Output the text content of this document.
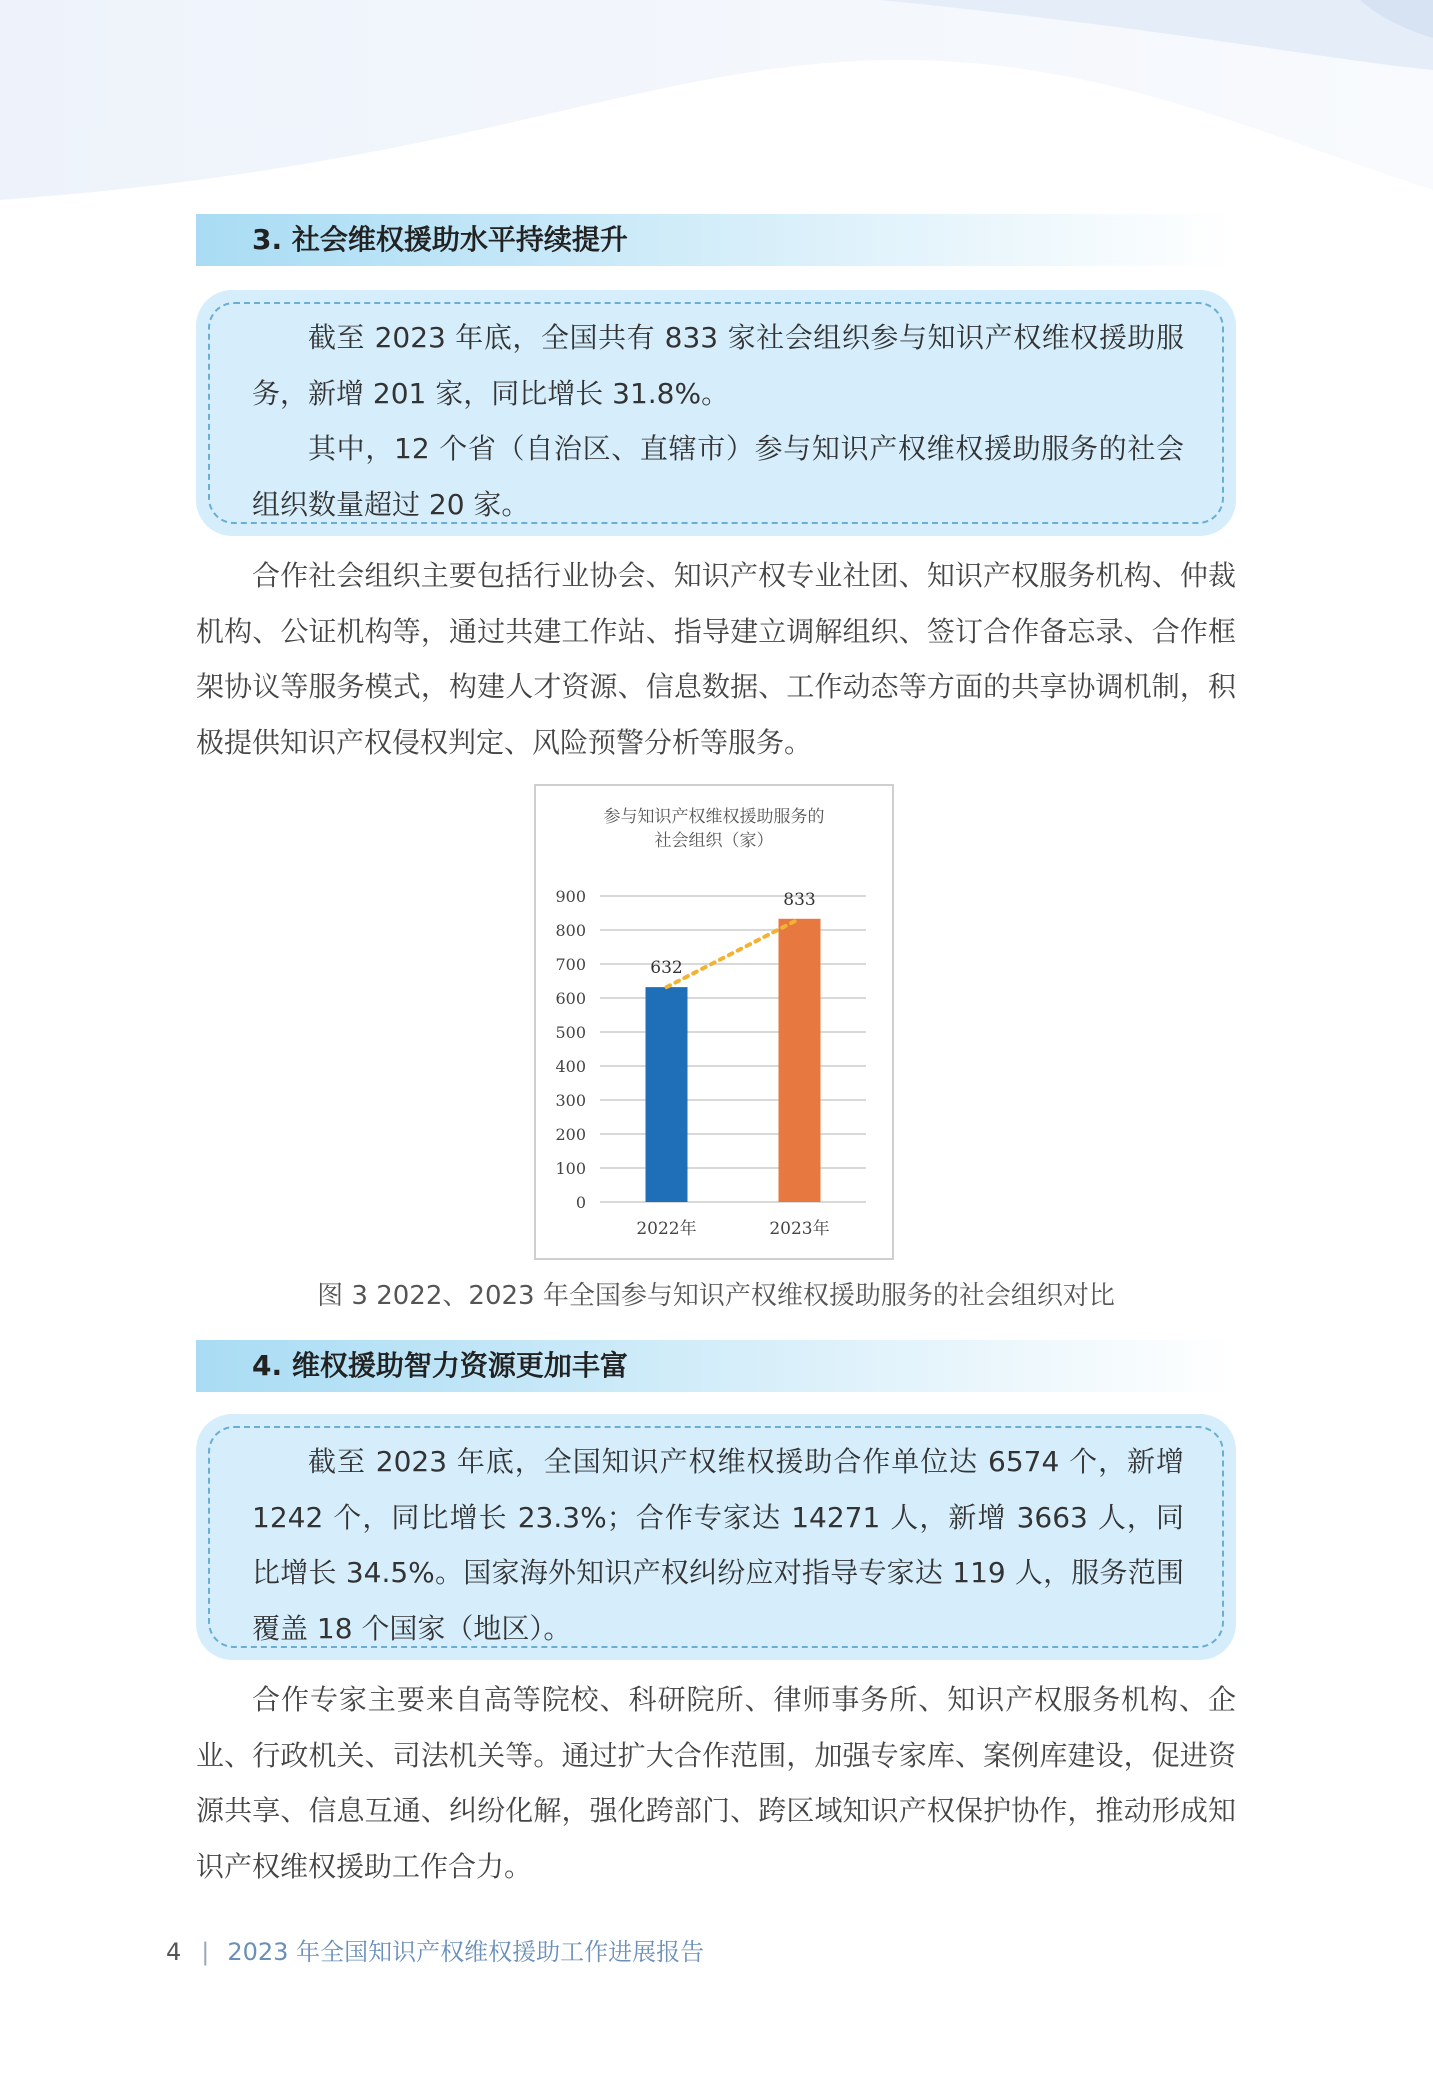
3. 社会维权援助水平持续提升

截至 2023 年底，全国共有 833 家社会组织参与知识产权维权援助服务，新增 201 家，同比增长 31.8%。

其中，12 个省（自治区、直辖市）参与知识产权维权援助服务的社会组织数量超过 20 家。

合作社会组织主要包括行业协会、知识产权专业社团、知识产权服务机构、仲裁机构、公证机构等，通过共建工作站、指导建立调解组织、签订合作备忘录、合作框架协议等服务模式，构建人才资源、信息数据、工作动态等方面的共享协调机制，积极提供知识产权侵权判定、风险预警分析等服务。

参与知识产权维权援助服务的
社会组织（家）
0
100
200
300
400
500
600
700
800
900
632
2022年
833
2023年
图 3 2022、2023 年全国参与知识产权维权援助服务的社会组织对比
4. 维权援助智力资源更加丰富

截至 2023 年底，全国知识产权维权援助合作单位达 6574 个，新增 1242 个，同比增长 23.3%；合作专家达 14271 人，新增 3663 人，同比增长 34.5%。国家海外知识产权纠纷应对指导专家达 119 人，服务范围覆盖 18 个国家（地区）。

合作专家主要来自高等院校、科研院所、律师事务所、知识产权服务机构、企业、行政机关、司法机关等。通过扩大合作范围，加强专家库、案例库建设，促进资源共享、信息互通、纠纷化解，强化跨部门、跨区域知识产权保护协作，推动形成知识产权维权援助工作合力。

4 | 2023 年全国知识产权维权援助工作进展报告
